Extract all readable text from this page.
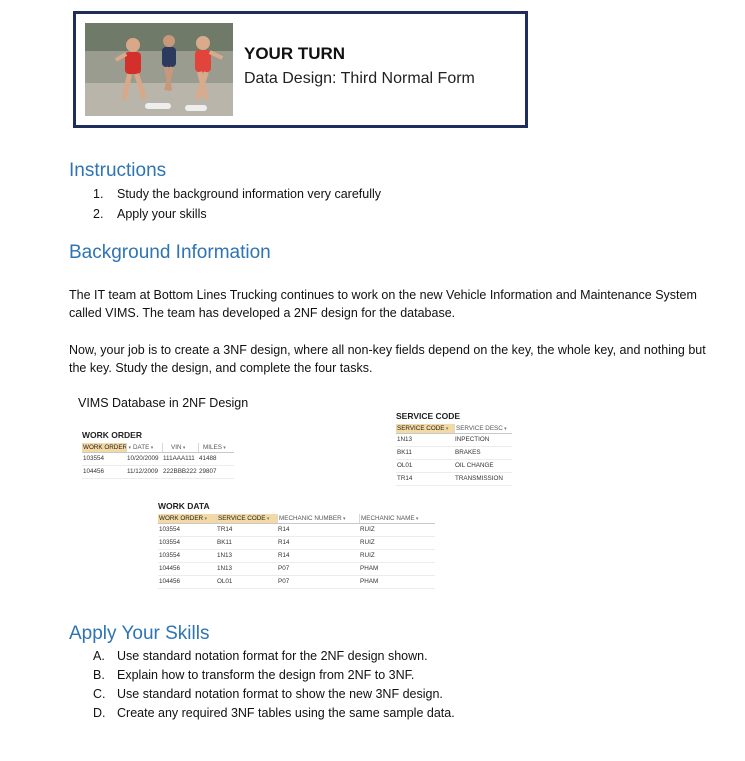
YOUR TURN
Data Design: Third Normal Form
Instructions
1. Study the background information very carefully
2. Apply your skills
Background Information
The IT team at Bottom Lines Trucking continues to work on the new Vehicle Information and Maintenance System called VIMS. The team has developed a 2NF design for the database.
Now, your job is to create a 3NF design, where all non-key fields depend on the key, the whole key, and nothing but the key. Study the design, and complete the four tasks.
VIMS Database in 2NF Design
SERVICE CODE
SERVICE CODE ▾	SERVICE DESC ▾
1N13	INPECTION
BK11	BRAKES
OL01	OIL CHANGE
TR14	TRANSMISSION
WORK ORDER
WORK ORDER ▾ DATE ▾	VIN ▾	MILES ▾
103554	10/20/2009 111AAA111 41488
104456	11/12/2009 222BBB222 29807
WORK DATA
WORK ORDER ▾	SERVICE CODE ▾	MECHANIC NUMBER ▾	MECHANIC NAME ▾
103554	TR14	R14	RUIZ
103554	BK11	R14	RUIZ
103554	1N13	R14	RUIZ
104456	1N13	P07	PHAM
104456	OL01	P07	PHAM
Apply Your Skills
A. Use standard notation format for the 2NF design shown.
B. Explain how to transform the design from 2NF to 3NF.
C. Use standard notation format to show the new 3NF design.
D. Create any required 3NF tables using the same sample data.
